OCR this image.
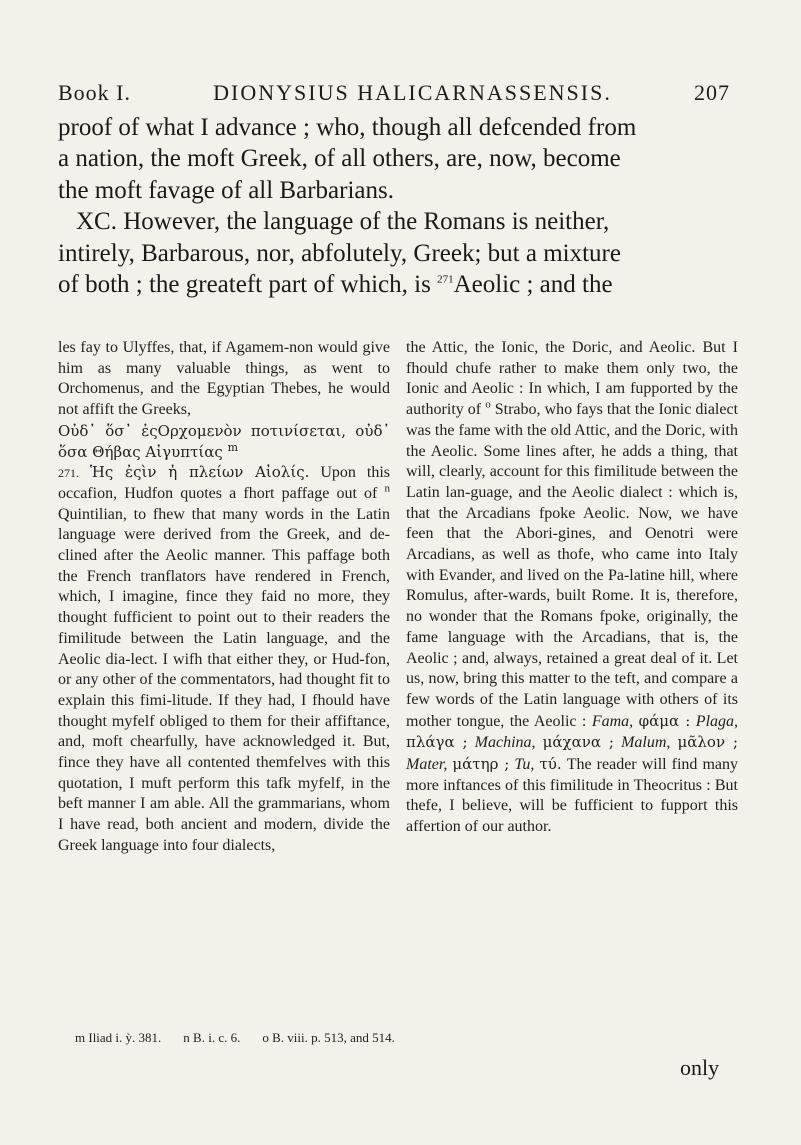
Book I.	DIONYSIUS HALICARNASSENSIS.	207

proof of what I advance ; who, though all defcended from

a nation, the moft Greek, of all others, are, now, become

the moft favage of all Barbarians.

XC. However, the language of the Romans is neither,

intirely, Barbarous, nor, abfolutely, Greek; but a mixture

of both ; the greateft part of which, is $^{271}$Aeolic ; and the

les fay to Ulyffes, that, if Agamem-non would give him as many valuable things, as went to Orchomenus, and the Egyptian Thebes, he would not affift the Greeks,

Οὐδ᾽ ὅσ᾽ ἐςΟρχομενὸν ποτινίσεται, οὐδ᾽ ὅσα Θήβας Αἰγυπτίας $^m$

271. Ἡς ἐςὶν ἡ πλείων Αἰολίς. Upon this occafion, Hudfon quotes a fhort paffage out of $^n$ Quintilian, to fhew that many words in the Latin language were derived from the Greek, and de-clined after the Aeolic manner. This paffage both the French tranflators have rendered in French, which, I imagine, fince they faid no more, they thought fufficient to point out to their readers the fimilitude between the Latin language, and the Aeolic dia-lect. I wifh that either they, or Hud-fon, or any other of the commentators, had thought fit to explain this fimi-litude. If they had, I fhould have thought myfelf obliged to them for their affiftance, and, moft chearfully, have acknowledged it. But, fince they have all contented themfelves with this quotation, I muft perform this tafk myfelf, in the beft manner I am able. All the grammarians, whom I have read, both ancient and modern, divide the Greek language into four dialects,

the Attic, the Ionic, the Doric, and Aeolic. But I fhould chufe rather to make them only two, the Ionic and Aeolic : In which, I am fupported by the authority of $^o$ Strabo, who fays that the Ionic dialect was the fame with the old Attic, and the Doric, with the Aeolic. Some lines after, he adds a thing, that will, clearly, account for this fimilitude between the Latin lan-guage, and the Aeolic dialect : which is, that the Arcadians fpoke Aeolic. Now, we have feen that the Abori-gines, and Oenotri were Arcadians, as well as thofe, who came into Italy with Evander, and lived on the Pa-latine hill, where Romulus, after-wards, built Rome. It is, therefore, no wonder that the Romans fpoke, originally, the fame language with the Arcadians, that is, the Aeolic ; and, always, retained a great deal of it. Let us, now, bring this matter to the teft, and compare a few words of the Latin language with others of its mother tongue, the Aeolic : Fama, φάμα : Plaga, πλάγα ; Machina, μάχανα ; Malum, μᾶλον ; Mater, μάτηρ ; Tu, τύ. The reader will find many more inftances of this fimilitude in Theocritus : But thefe, I believe, will be fufficient to fupport this affertion of our author.

m Iliad i. ỳ. 381. n B. i. c. 6. o B. viii. p. 513, and 514.
only
